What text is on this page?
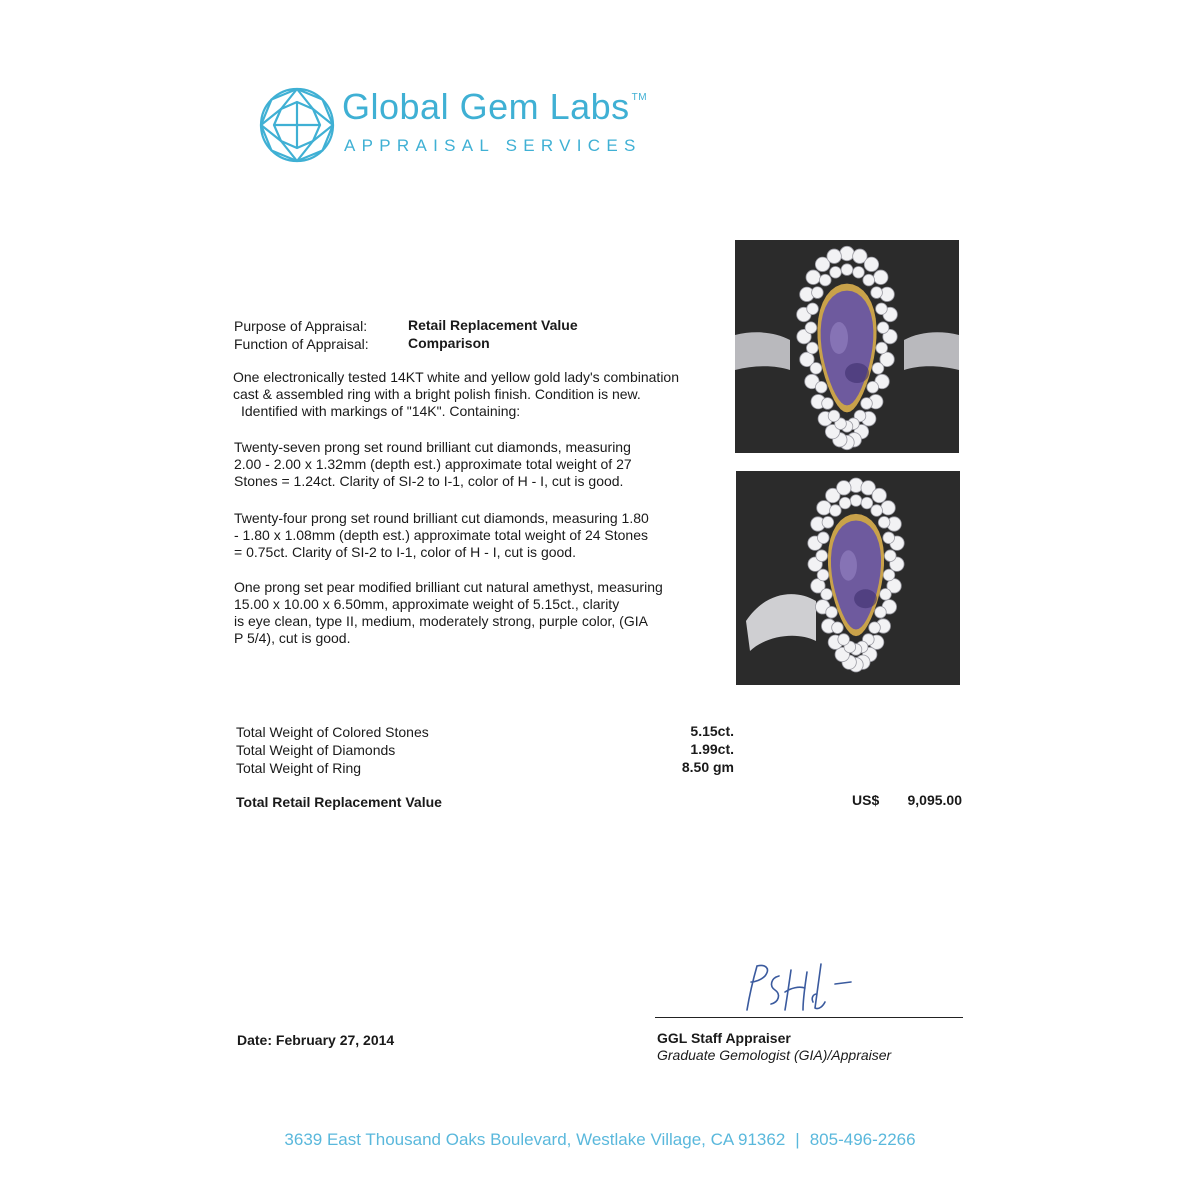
Global Gem Labs ™
APPRAISAL SERVICES
Purpose of Appraisal:	Retail Replacement Value
Function of Appraisal:	Comparison
One electronically tested 14KT white and yellow gold lady's combination
cast & assembled ring with a bright polish finish. Condition is new.
Identified with markings of "14K". Containing:
Twenty-seven prong set round brilliant cut diamonds, measuring
2.00 - 2.00 x 1.32mm (depth est.) approximate total weight of 27
Stones = 1.24ct. Clarity of SI-2 to I-1, color of H - I, cut is good.
Twenty-four prong set round brilliant cut diamonds, measuring 1.80
- 1.80 x 1.08mm (depth est.) approximate total weight of 24 Stones
= 0.75ct. Clarity of SI-2 to I-1, color of H - I, cut is good.
One prong set pear modified brilliant cut natural amethyst, measuring
15.00 x 10.00 x 6.50mm, approximate weight of 5.15ct., clarity
is eye clean, type II, medium, moderately strong, purple color, (GIA
P 5/4), cut is good.
Total Weight of Colored Stones	5.15ct.
Total Weight of Diamonds	1.99ct.
Total Weight of Ring	8.50 gm
Total Retail Replacement Value	US$	9,095.00
Date: February 27, 2014	GGL Staff Appraiser
Graduate Gemologist (GIA)/Appraiser
3639 East Thousand Oaks Boulevard, Westlake Village, CA 91362 | 805-496-2266
